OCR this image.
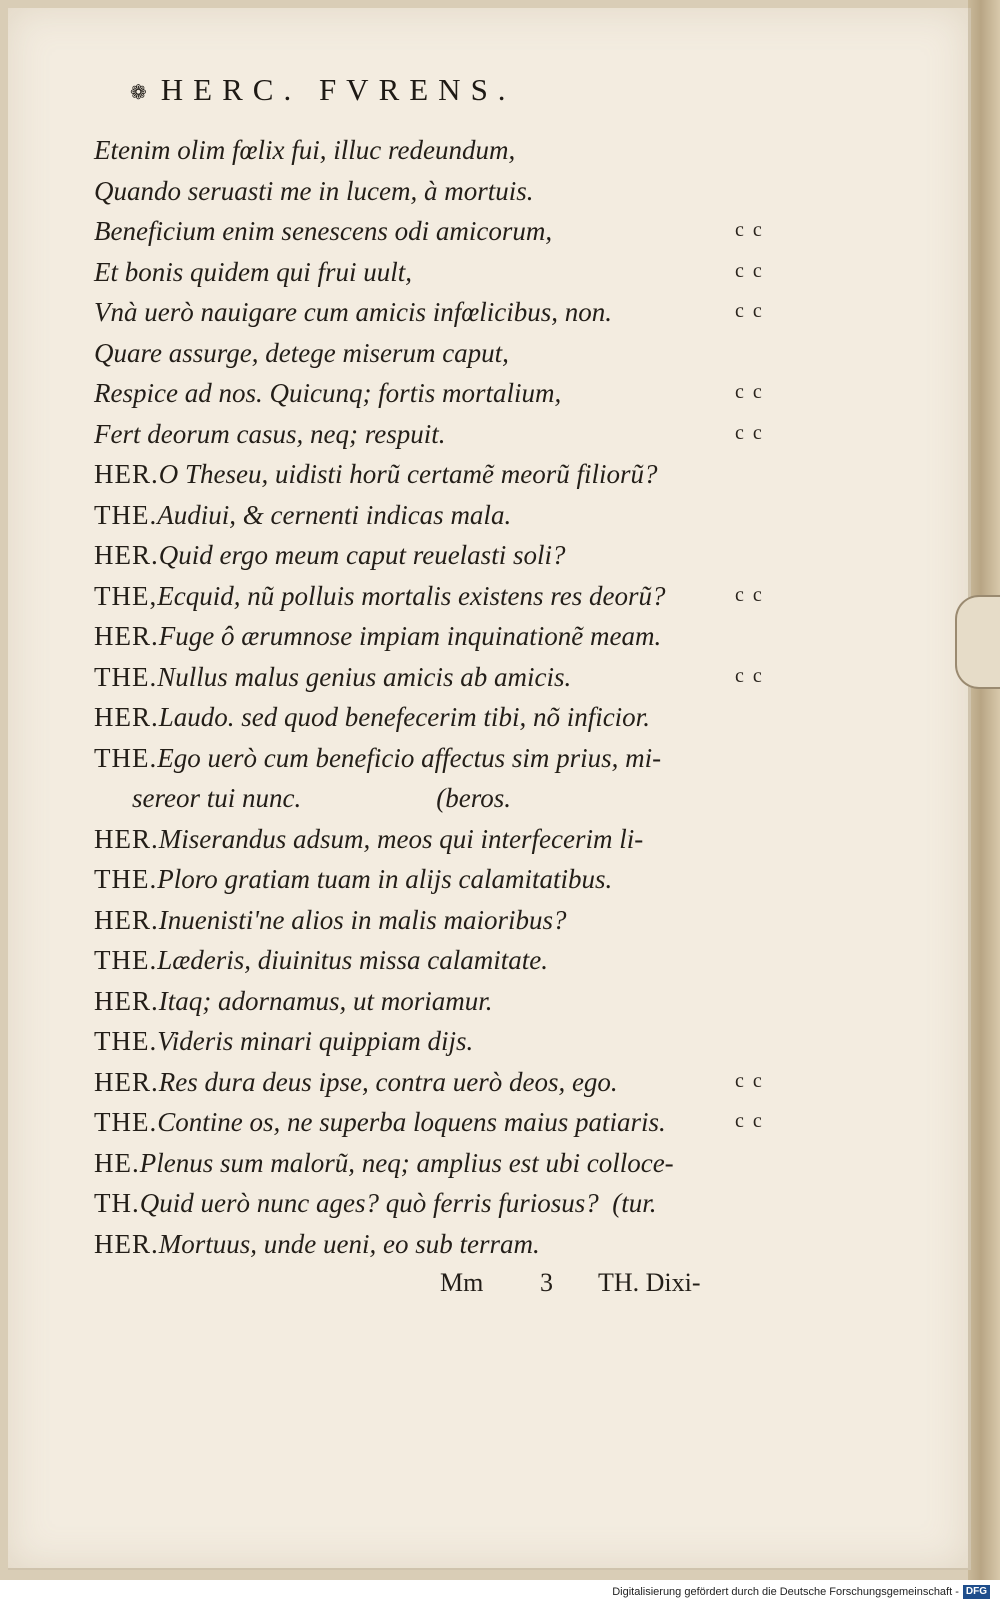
❁ HERC. FVRENS.
Etenim olim fœlix fui, illuc redeundum,
Quando seruasti me in lucem, à mortuis.
Beneficium enim senescens odi amicorum,
Et bonis quidem qui frui uult,
Vnà uerò nauigare cum amicis infœlicibus, non.
Quare assurge, detege miserum caput,
Respice ad nos. Quicunq; fortis mortalium,
Fert deorum casus, neq; respuit.
HER.O Theseu, uidisti horũ certamẽ meorũ filiorũ?
THE.Audiui, & cernenti indicas mala.
HER.Quid ergo meum caput reuelasti soli?
THE,Ecquid, nũ polluis mortalis existens res deorũ?
HER.Fuge ô ærumnose impiam inquinationẽ meam.
THE.Nullus malus genius amicis ab amicis.
HER.Laudo. sed quod benefecerim tibi, nõ inficior.
THE.Ego uerò cum beneficio affectus sim prius, mi-
sereor tui nunc.                    (beros.
HER.Miserandus adsum, meos qui interfecerim li-
THE.Ploro gratiam tuam in alijs calamitatibus.
HER.Inuenisti'ne alios in malis maioribus?
THE.Læderis, diuinitus missa calamitate.
HER.Itaq; adornamus, ut moriamur.
THE.Videris minari quippiam dijs.
HER.Res dura deus ipse, contra uerò deos, ego.
THE.Contine os, ne superba loquens maius patiaris.
HE.Plenus sum malorũ, neq; amplius est ubi colloce-
TH.Quid uerò nunc ages? quò ferris furiosus?  (tur.
HER.Mortuus, unde ueni, eo sub terram.
c c
c c
c c
c c
c c
c c
c c
c c
c c
Mm 3 TH. Dixi-
Digitalisierung gefördert durch die Deutsche Forschungsgemeinschaft - DFG
